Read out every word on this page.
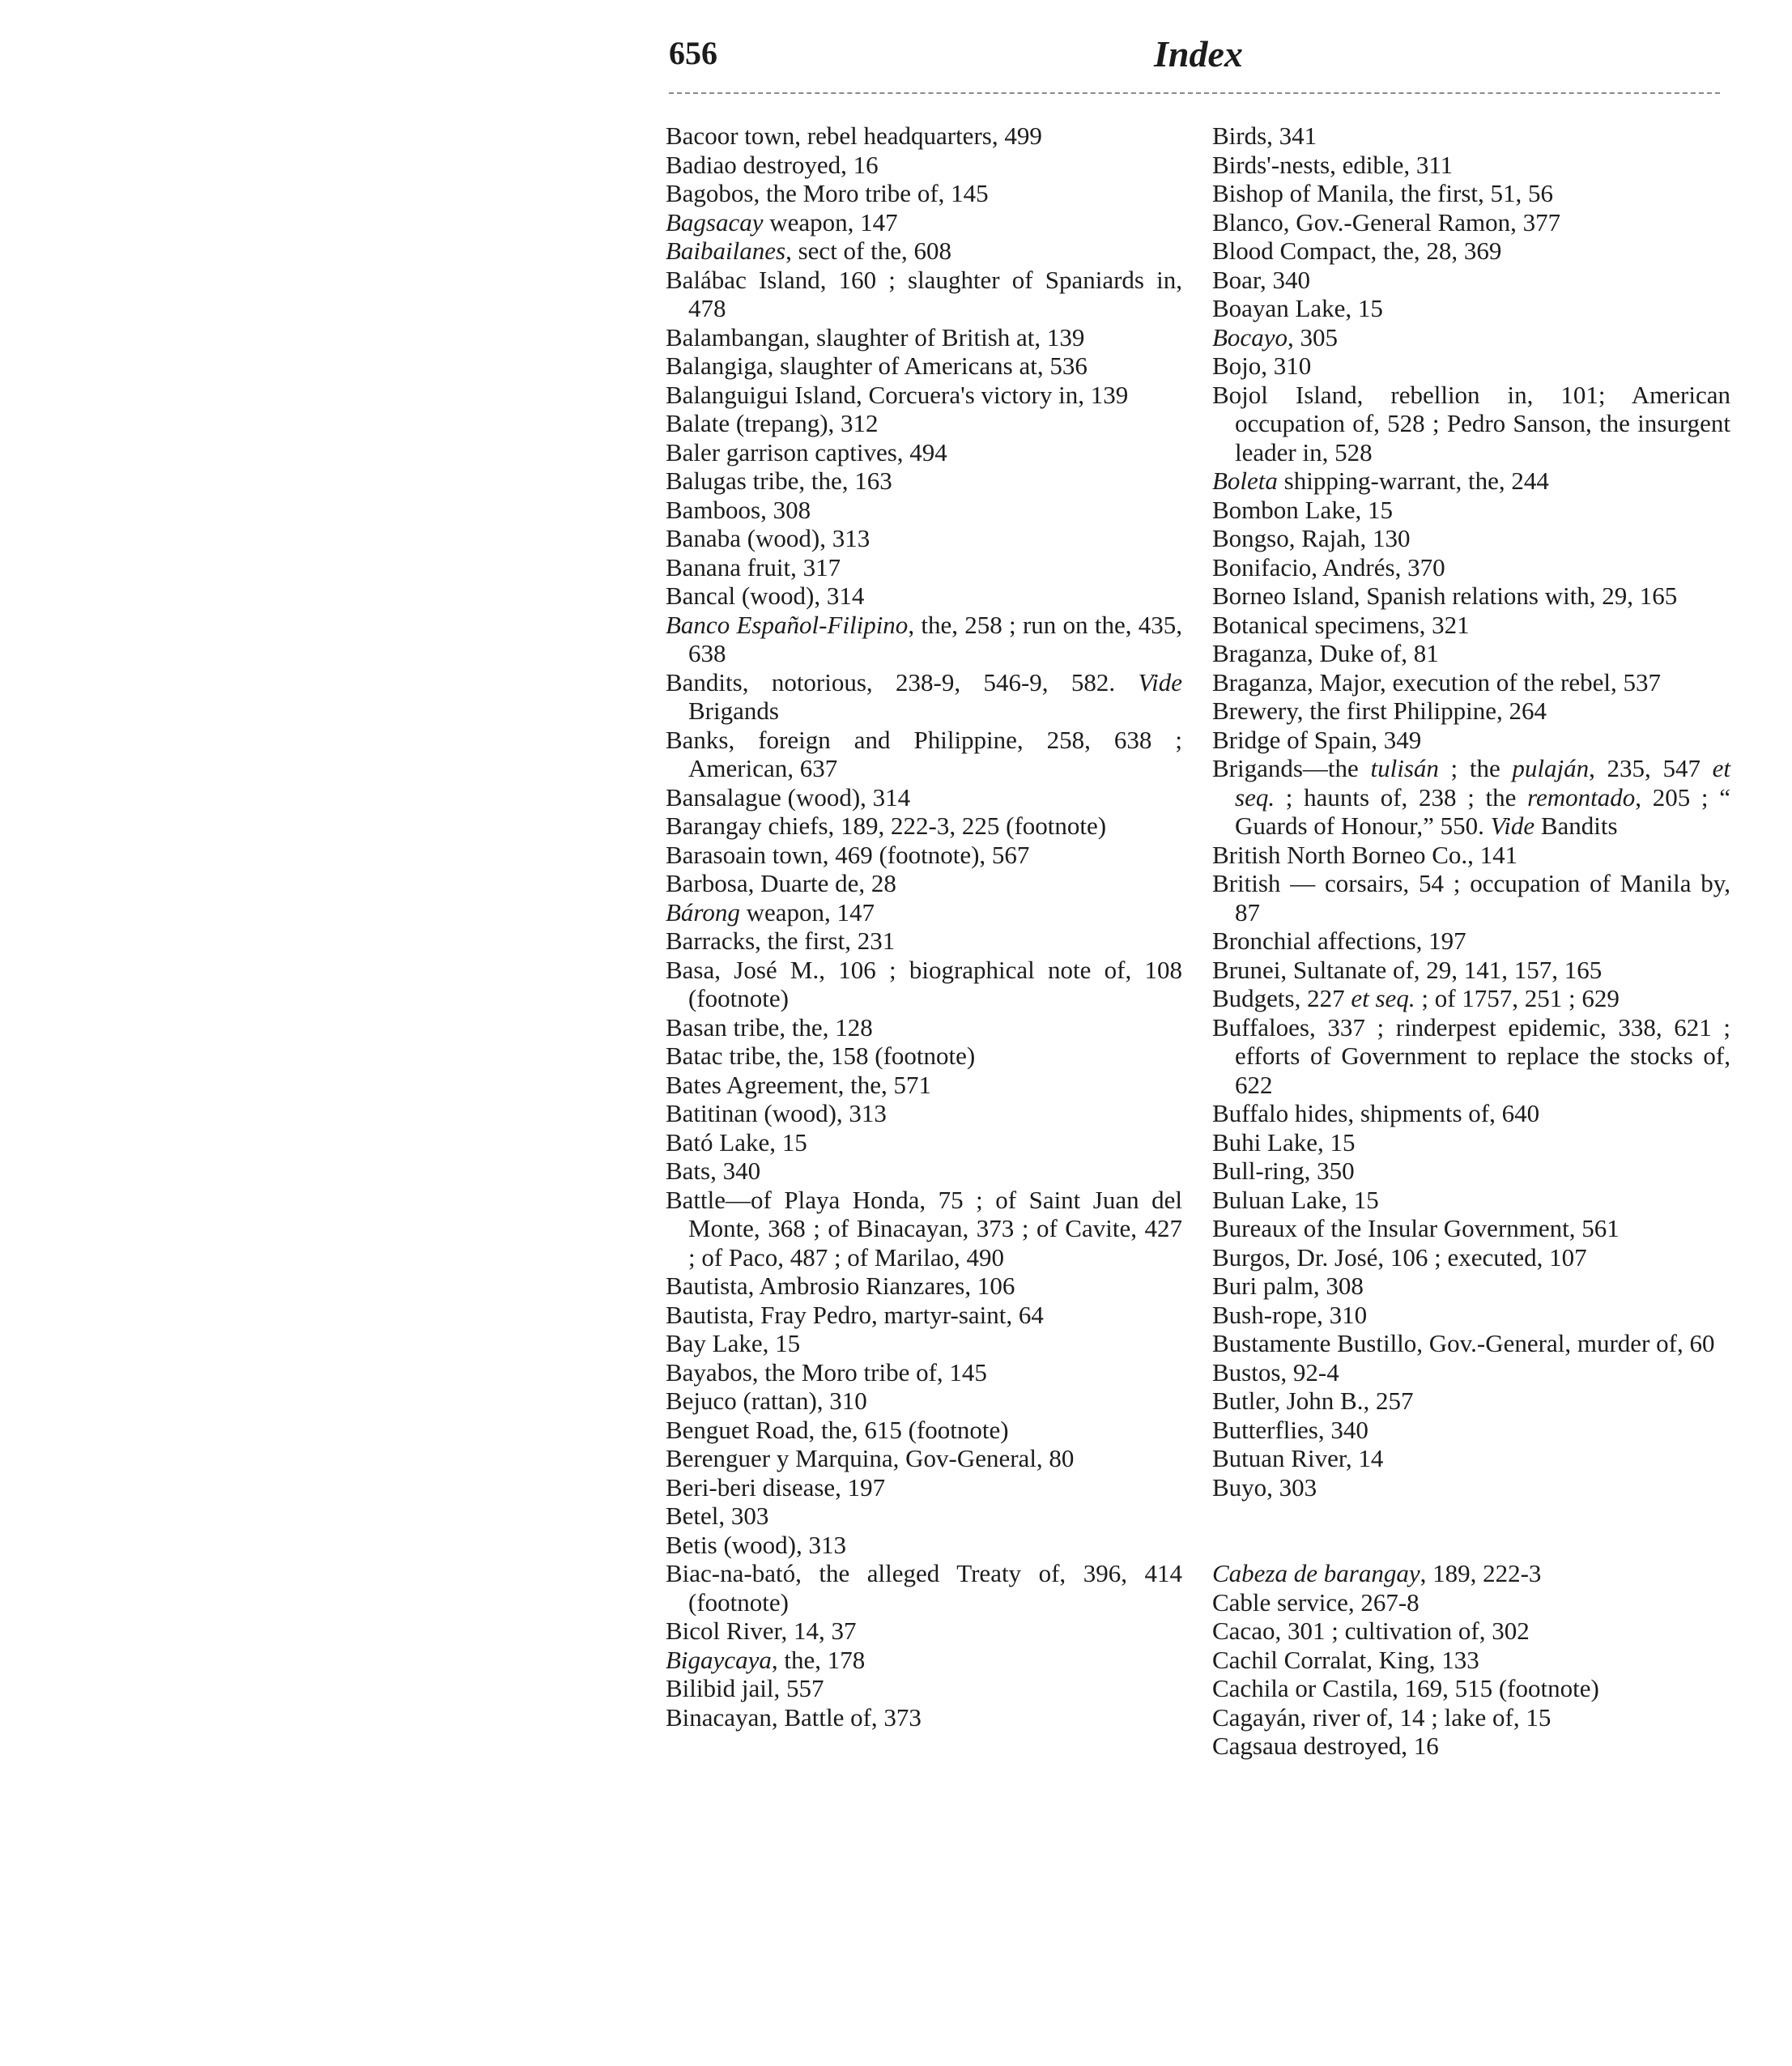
656	Index
Bacoor town, rebel headquarters, 499
Badiao destroyed, 16
Bagobos, the Moro tribe of, 145
Bagsacay weapon, 147
Baibailanes, sect of the, 608
Balábac Island, 160 ; slaughter of Spaniards in, 478
Balambangan, slaughter of British at, 139
Balangiga, slaughter of Americans at, 536
Balanguigui Island, Corcuera's victory in, 139
Balate (trepang), 312
Baler garrison captives, 494
Balugas tribe, the, 163
Bamboos, 308
Banaba (wood), 313
Banana fruit, 317
Bancal (wood), 314
Banco Español-Filipino, the, 258 ; run on the, 435, 638
Bandits, notorious, 238-9, 546-9, 582. Vide Brigands
Banks, foreign and Philippine, 258, 638 ; American, 637
Bansalague (wood), 314
Barangay chiefs, 189, 222-3, 225 (footnote)
Barasoain town, 469 (footnote), 567
Barbosa, Duarte de, 28
Bárong weapon, 147
Barracks, the first, 231
Basa, José M., 106 ; biographical note of, 108 (footnote)
Basan tribe, the, 128
Batac tribe, the, 158 (footnote)
Bates Agreement, the, 571
Batitinan (wood), 313
Bató Lake, 15
Bats, 340
Battle—of Playa Honda, 75 ; of Saint Juan del Monte, 368 ; of Binacayan, 373 ; of Cavite, 427 ; of Paco, 487 ; of Marilao, 490
Bautista, Ambrosio Rianzares, 106
Bautista, Fray Pedro, martyr-saint, 64
Bay Lake, 15
Bayabos, the Moro tribe of, 145
Bejuco (rattan), 310
Benguet Road, the, 615 (footnote)
Berenguer y Marquina, Gov-General, 80
Beri-beri disease, 197
Betel, 303
Betis (wood), 313
Biac-na-bató, the alleged Treaty of, 396, 414 (footnote)
Bicol River, 14, 37
Bigaycaya, the, 178
Bilibid jail, 557
Binacayan, Battle of, 373
Birds, 341
Birds'-nests, edible, 311
Bishop of Manila, the first, 51, 56
Blanco, Gov.-General Ramon, 377
Blood Compact, the, 28, 369
Boar, 340
Boayan Lake, 15
Bocayo, 305
Bojo, 310
Bojol Island, rebellion in, 101; American occupation of, 528 ; Pedro Sanson, the insurgent leader in, 528
Boleta shipping-warrant, the, 244
Bombon Lake, 15
Bongso, Rajah, 130
Bonifacio, Andrés, 370
Borneo Island, Spanish relations with, 29, 165
Botanical specimens, 321
Braganza, Duke of, 81
Braganza, Major, execution of the rebel, 537
Brewery, the first Philippine, 264
Bridge of Spain, 349
Brigands—the tulisán ; the pulaján, 235, 547 et seq. ; haunts of, 238 ; the remontado, 205 ; “ Guards of Honour,” 550. Vide Bandits
British North Borneo Co., 141
British — corsairs, 54 ; occupation of Manila by, 87
Bronchial affections, 197
Brunei, Sultanate of, 29, 141, 157, 165
Budgets, 227 et seq. ; of 1757, 251 ; 629
Buffaloes, 337 ; rinderpest epidemic, 338, 621 ; efforts of Government to replace the stocks of, 622
Buffalo hides, shipments of, 640
Buhi Lake, 15
Bull-ring, 350
Buluan Lake, 15
Bureaux of the Insular Government, 561
Burgos, Dr. José, 106 ; executed, 107
Buri palm, 308
Bush-rope, 310
Bustamente Bustillo, Gov.-General, murder of, 60
Bustos, 92-4
Butler, John B., 257
Butterflies, 340
Butuan River, 14
Buyo, 303
Cabeza de barangay, 189, 222-3
Cable service, 267-8
Cacao, 301 ; cultivation of, 302
Cachil Corralat, King, 133
Cachila or Castila, 169, 515 (footnote)
Cagayán, river of, 14 ; lake of, 15
Cagsaua destroyed, 16
